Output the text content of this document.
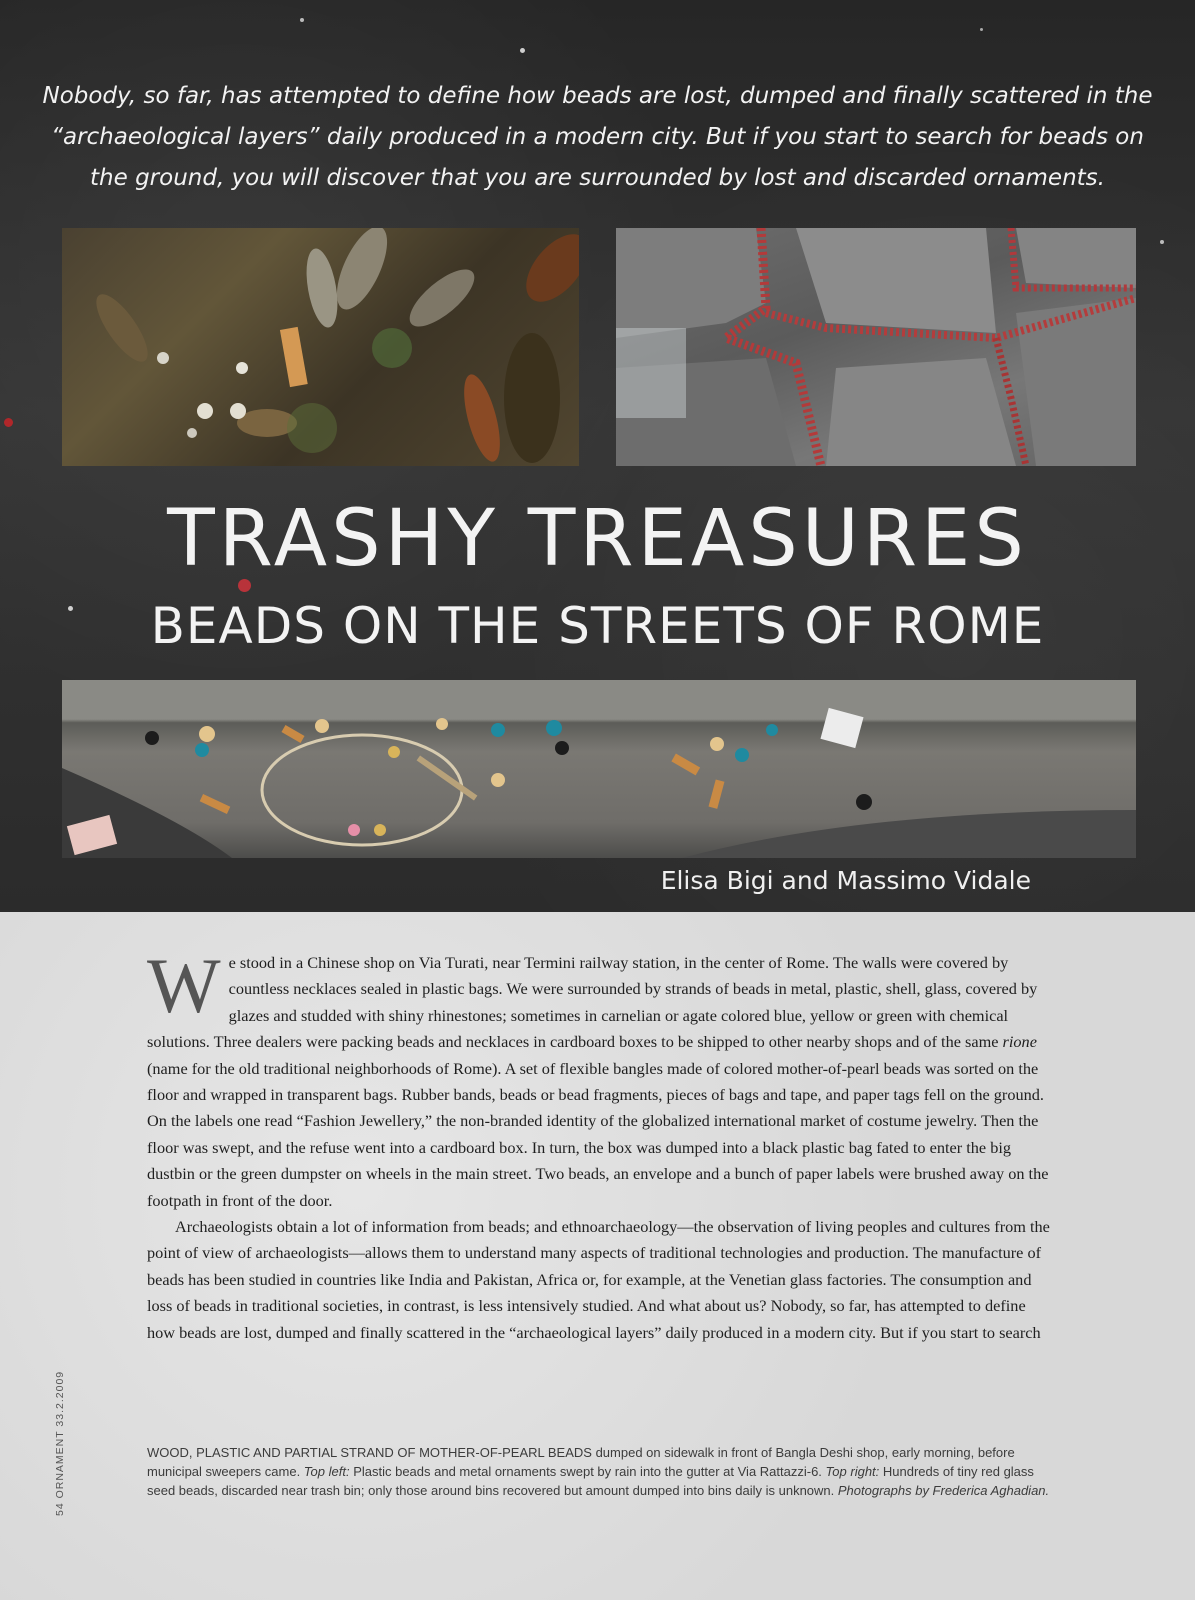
Nobody, so far, has attempted to define how beads are lost, dumped and finally scattered in the “archaeological layers” daily produced in a modern city. But if you start to search for beads on the ground, you will discover that you are surrounded by lost and discarded ornaments.

TRASHY TREASURES
BEADS ON THE STREETS OF ROME

Elisa Bigi and Massimo Vidale

We stood in a Chinese shop on Via Turati, near Termini railway station, in the center of Rome. The walls were covered by countless necklaces sealed in plastic bags. We were surrounded by strands of beads in metal, plastic, shell, glass, covered by glazes and studded with shiny rhinestones; sometimes in carnelian or agate colored blue, yellow or green with chemical solutions. Three dealers were packing beads and necklaces in cardboard boxes to be shipped to other nearby shops and of the same rione (name for the old traditional neighborhoods of Rome). A set of flexible bangles made of colored mother-of-pearl beads was sorted on the floor and wrapped in transparent bags. Rubber bands, beads or bead fragments, pieces of bags and tape, and paper tags fell on the ground. On the labels one read “Fashion Jewellery,” the non-branded identity of the globalized international market of costume jewelry. Then the floor was swept, and the refuse went into a cardboard box. In turn, the box was dumped into a black plastic bag fated to enter the big dustbin or the green dumpster on wheels in the main street. Two beads, an envelope and a bunch of paper labels were brushed away on the footpath in front of the door.

Archaeologists obtain a lot of information from beads; and ethnoarchaeology—the observation of living peoples and cultures from the point of view of archaeologists—allows them to understand many aspects of traditional technologies and production. The manufacture of beads has been studied in countries like India and Pakistan, Africa or, for example, at the Venetian glass factories. The consumption and loss of beads in traditional societies, in contrast, is less intensively studied. And what about us? Nobody, so far, has attempted to define how beads are lost, dumped and finally scattered in the “archaeological layers” daily produced in a modern city. But if you start to search

WOOD, PLASTIC AND PARTIAL STRAND OF MOTHER-OF-PEARL BEADS dumped on sidewalk in front of Bangla Deshi shop, early morning, before municipal sweepers came. Top left: Plastic beads and metal ornaments swept by rain into the gutter at Via Rattazzi-6. Top right: Hundreds of tiny red glass seed beads, discarded near trash bin; only those around bins recovered but amount dumped into bins daily is unknown. Photographs by Frederica Aghadian.
54 ORNAMENT 33.2.2009
